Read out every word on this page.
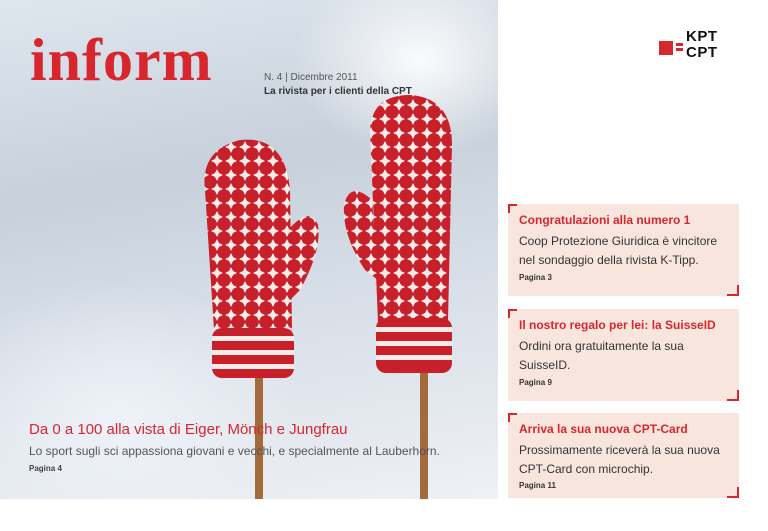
inform	N. 4 | Dicembre 2011
La rivista per i clienti della CPT
Da 0 a 100 alla vista di Eiger, Mönch e Jungfrau
Lo sport sugli sci appassiona giovani e vecchi, e specialmente al Lauberhorn.
Pagina 4
KPT
CPT
Congratulazioni alla numero 1
Coop Protezione Giuridica è vincitore nel sondaggio della rivista K-Tipp.
Pagina 3
Il nostro regalo per lei: la SuisseID
Ordini ora gratuitamente la sua SuisseID.
Pagina 9
Arriva la sua nuova CPT-Card
Prossimamente riceverà la sua nuova CPT-Card con microchip.
Pagina 11
